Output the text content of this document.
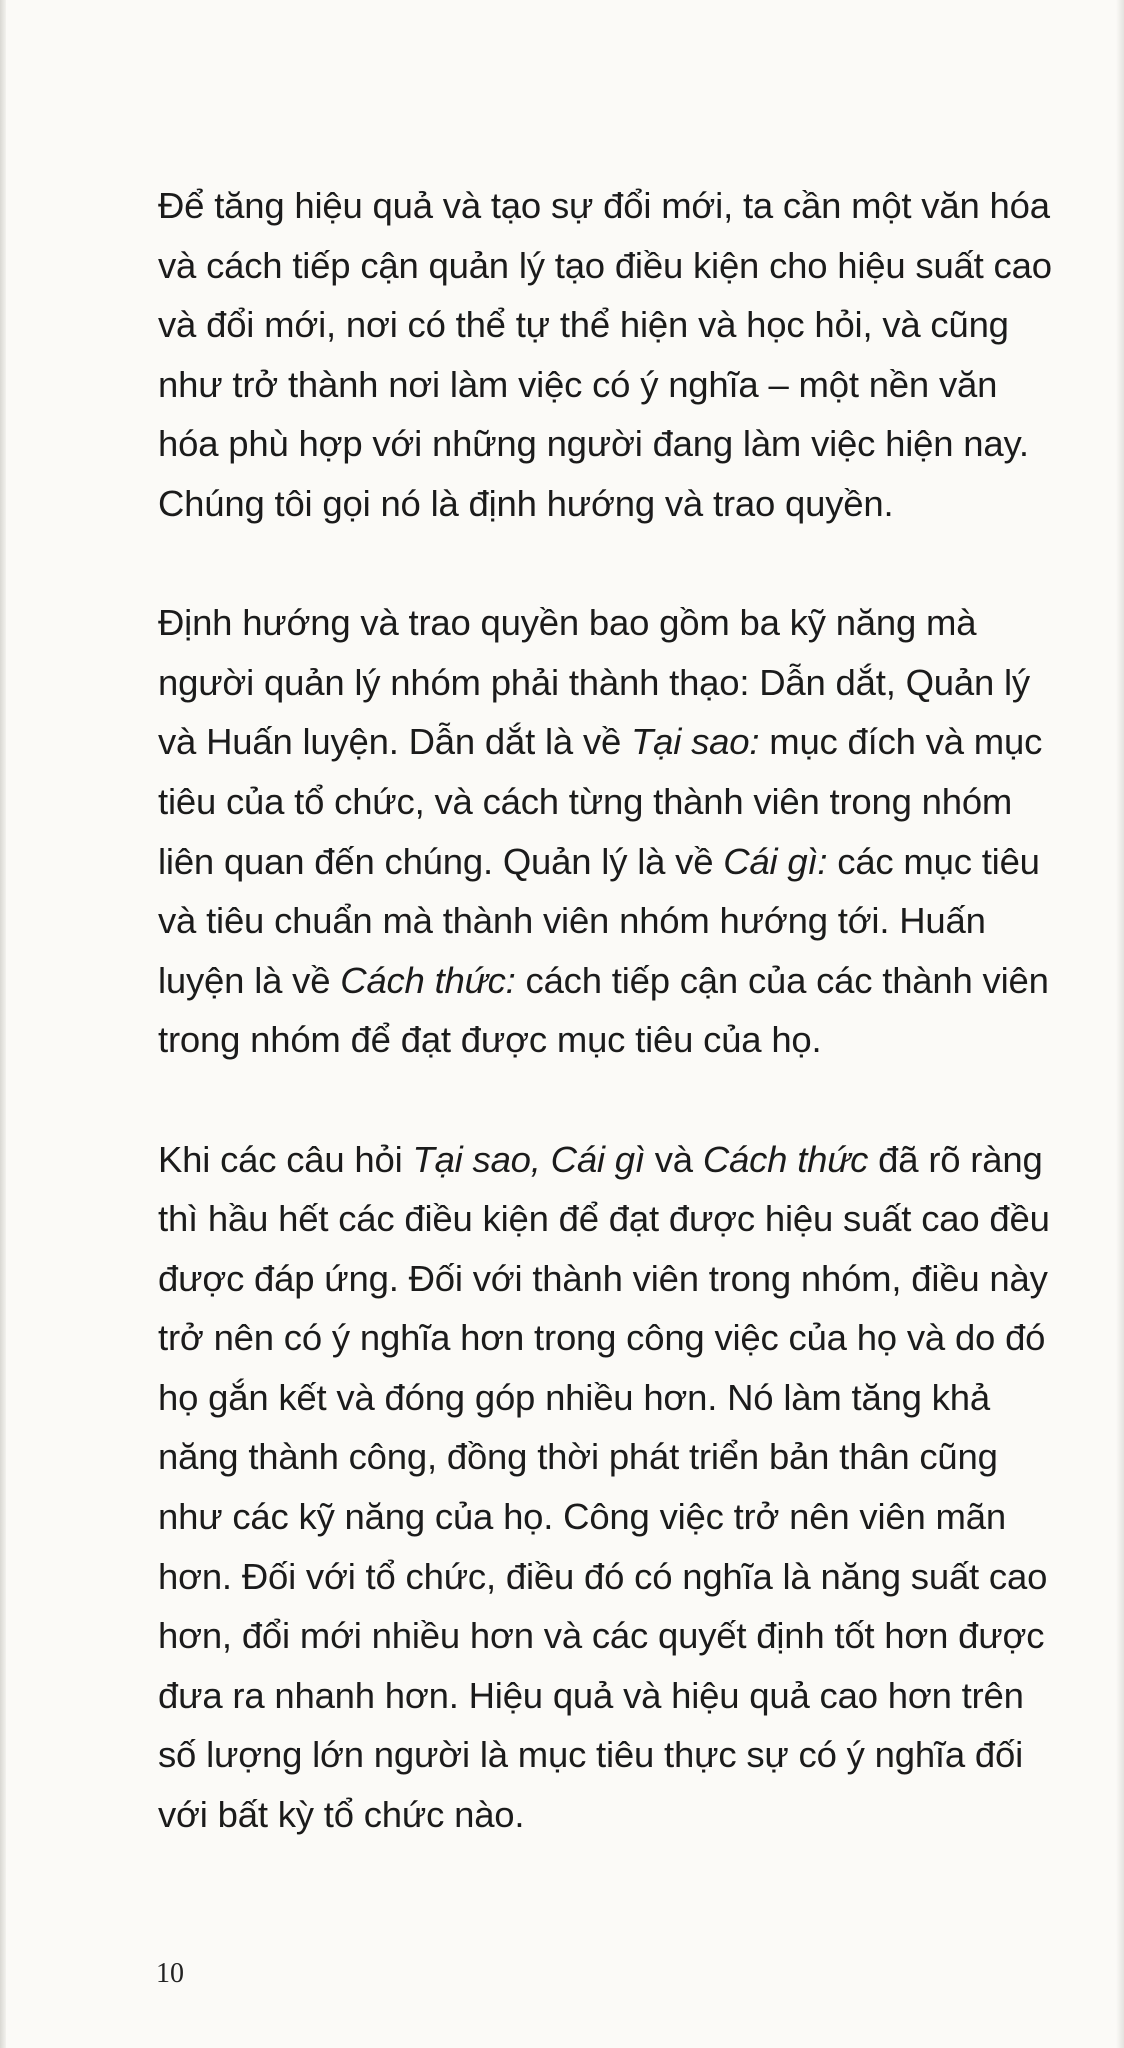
Để tăng hiệu quả và tạo sự đổi mới, ta cần một văn hóa và cách tiếp cận quản lý tạo điều kiện cho hiệu suất cao và đổi mới, nơi có thể tự thể hiện và học hỏi, và cũng như trở thành nơi làm việc có ý nghĩa – một nền văn hóa phù hợp với những người đang làm việc hiện nay. Chúng tôi gọi nó là định hướng và trao quyền.

Định hướng và trao quyền bao gồm ba kỹ năng mà người quản lý nhóm phải thành thạo: Dẫn dắt, Quản lý và Huấn luyện. Dẫn dắt là về Tại sao: mục đích và mục tiêu của tổ chức, và cách từng thành viên trong nhóm liên quan đến chúng. Quản lý là về Cái gì: các mục tiêu và tiêu chuẩn mà thành viên nhóm hướng tới. Huấn luyện là về Cách thức: cách tiếp cận của các thành viên trong nhóm để đạt được mục tiêu của họ.

Khi các câu hỏi Tại sao, Cái gì và Cách thức đã rõ ràng thì hầu hết các điều kiện để đạt được hiệu suất cao đều được đáp ứng. Đối với thành viên trong nhóm, điều này trở nên có ý nghĩa hơn trong công việc của họ và do đó họ gắn kết và đóng góp nhiều hơn. Nó làm tăng khả năng thành công, đồng thời phát triển bản thân cũng như các kỹ năng của họ. Công việc trở nên viên mãn hơn. Đối với tổ chức, điều đó có nghĩa là năng suất cao hơn, đổi mới nhiều hơn và các quyết định tốt hơn được đưa ra nhanh hơn. Hiệu quả và hiệu quả cao hơn trên số lượng lớn người là mục tiêu thực sự có ý nghĩa đối với bất kỳ tổ chức nào.

10
